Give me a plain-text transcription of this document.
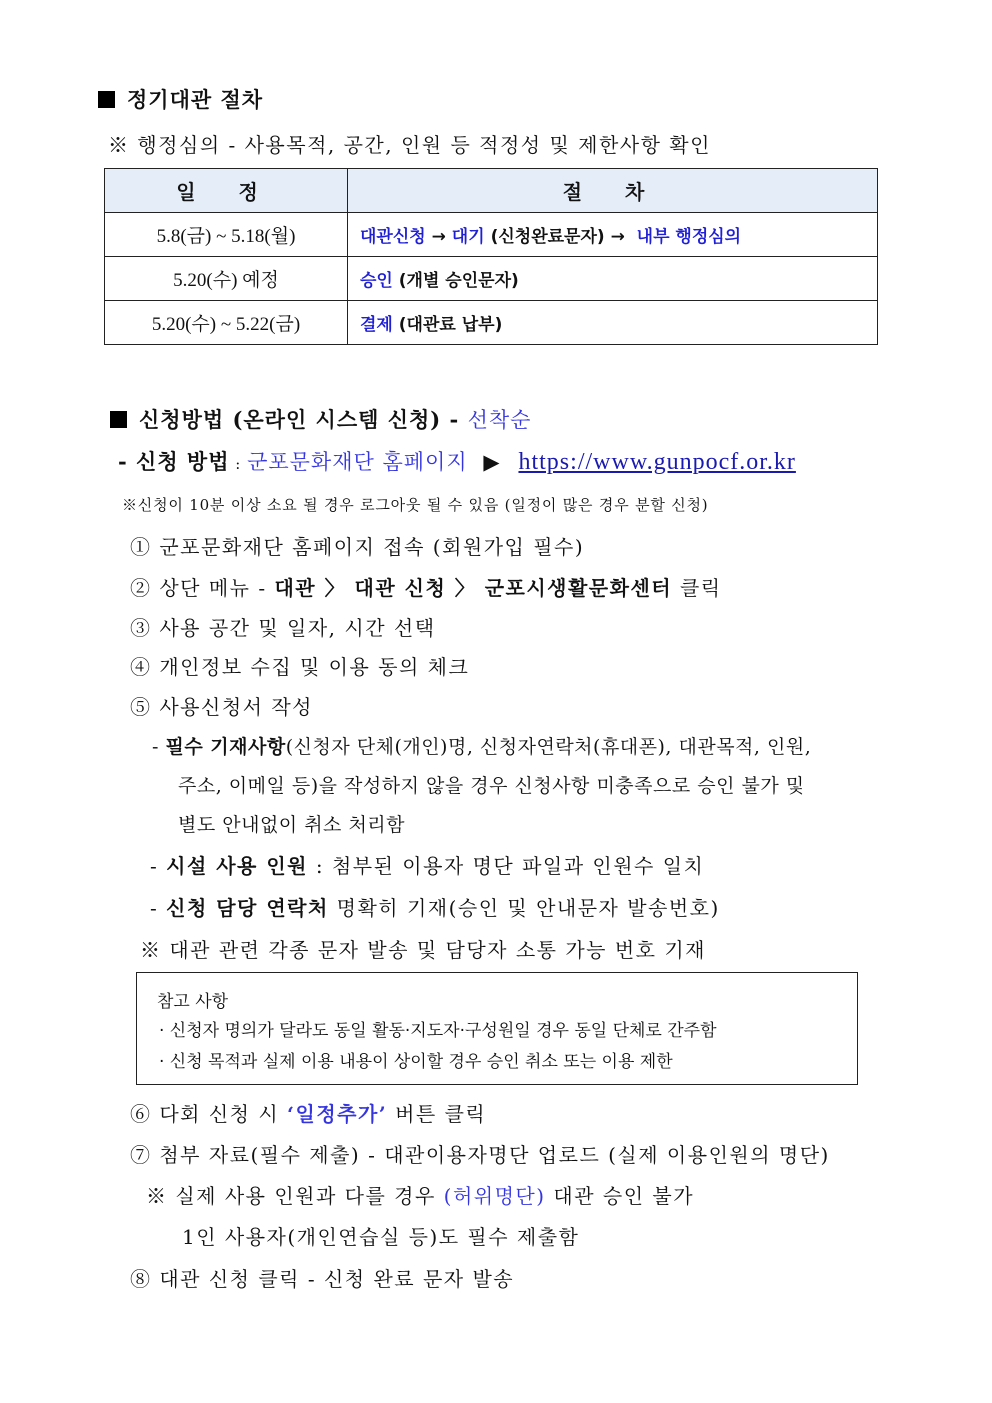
정기대관 절차
※ 행정심의 - 사용목적, 공간, 인원 등 적정성 및 제한사항 확인
일 정	절 차
5.8(금) ~ 5.18(월)	대관신청 → 대기 (신청완료문자) →  내부 행정심의
5.20(수) 예정	승인 (개별 승인문자)
5.20(수) ~ 5.22(금)	결제 (대관료 납부)
신청방법 (온라인 시스템 신청) - 선착순
- 신청 방법 : 군포문화재단 홈페이지 ▶ https://www.gunpocf.or.kr
※신청이 10분 이상 소요 될 경우 로그아웃 될 수 있음 (일정이 많은 경우 분할 신청)
① 군포문화재단 홈페이지 접속 (회원가입 필수)
② 상단 메뉴 - 대관 〉 대관 신청 〉 군포시생활문화센터 클릭
③ 사용 공간 및 일자, 시간 선택
④ 개인정보 수집 및 이용 동의 체크
⑤ 사용신청서 작성
- 필수 기재사항(신청자 단체(개인)명, 신청자연락처(휴대폰), 대관목적, 인원,
주소, 이메일 등)을 작성하지 않을 경우 신청사항 미충족으로 승인 불가 및
별도 안내없이 취소 처리함
- 시설 사용 인원 : 첨부된 이용자 명단 파일과 인원수 일치
- 신청 담당 연락처 명확히 기재(승인 및 안내문자 발송번호)
※ 대관 관련 각종 문자 발송 및 담당자 소통 가능 번호 기재
참고 사항
· 신청자 명의가 달라도 동일 활동·지도자·구성원일 경우 동일 단체로 간주함
· 신청 목적과 실제 이용 내용이 상이할 경우 승인 취소 또는 이용 제한
⑥ 다회 신청 시 ‘일정추가’ 버튼 클릭
⑦ 첨부 자료(필수 제출) - 대관이용자명단 업로드 (실제 이용인원의 명단)
※ 실제 사용 인원과 다를 경우 (허위명단) 대관 승인 불가
1인 사용자(개인연습실 등)도 필수 제출함
⑧ 대관 신청 클릭 - 신청 완료 문자 발송
